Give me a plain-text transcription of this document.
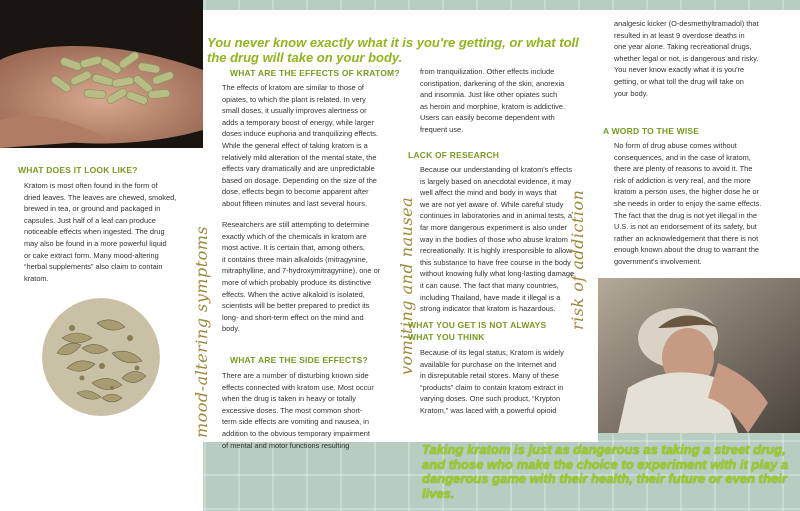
You never know exactly what it is you're getting, or what toll the drug will take on your body.
WHAT ARE THE EFFECTS OF KRATOM?

The effects of kratom are similar to those of
opiates, to which the plant is related. In very
small doses, it usually improves alertness or
adds a temporary boost of energy, while larger
doses induce euphoria and tranquilizing effects.
While the general effect of taking kratom is a
relatively mild alteration of the mental state, the
effects vary dramatically and are unpredictable
based on dosage. Depending on the size of the
dose, effects begin to become apparent after
about fifteen minutes and last several hours.

Researchers are still attempting to determine
exactly which of the chemicals in kratom are
most active. It is certain that, among others,
it contains three main alkaloids (mitragynine,
mitraphylline, and 7-hydroxymitragynine), one or
more of which probably produce its distinctive
effects. When the active alkaloid is isolated,
scientists will be better prepared to predict its
long- and short-term effect on the mind and
body.

WHAT ARE THE SIDE EFFECTS?

There are a number of disturbing known side
effects connected with kratom use. Most occur
when the drug is taken in heavy or totally
excessive doses. The most common short-
term side effects are vomiting and nausea, in
addition to the obvious temporary impairment
of mental and motor functions resulting

WHAT DOES IT LOOK LIKE?

Kratom is most often found in the form of
dried leaves. The leaves are chewed, smoked,
brewed in tea, or ground and packaged in
capsules. Just half of a leaf can produce
noticeable effects when ingested. The drug
may also be found in a more powerful liquid
or cake extract form. Many mood-altering
“herbal supplements” also claim to contain
kratom.	mood-altering symptoms	vomiting and nausea	risk of addiction

from tranquilization. Other effects include
constipation, darkening of the skin, anorexia
and insomnia. Just like other opiates such
as heroin and morphine, kratom is addictive.
Users can easily become dependent with
frequent use.

LACK OF RESEARCH

Because our understanding of kratom's effects
is largely based on anecdotal evidence, it may
well affect the mind and body in ways that
we are not yet aware of. While careful study
continues in laboratories and in animal tests, a
far more dangerous experiment is also under
way in the bodies of those who abuse kratom
recreationally. It is highly irresponsible to allow
this substance to have free course in the body
without knowing fully what long-lasting damage
it can cause. The fact that many countries,
including Thailand, have made it illegal is a
strong indicator that kratom is hazardous.

WHAT YOU GET IS NOT ALWAYS
WHAT YOU THINK

Because of its legal status, Kratom is widely
available for purchase on the Internet and
in disreputable retail stores. Many of these
“products” claim to contain kratom extract in
varying doses. One such product, “Krypton
Kratom,” was laced with a powerful opioid

analgesic kicker (O-desmethyltramadol) that
resulted in at least 9 overdose deaths in
one year alone. Taking recreational drugs,
whether legal or not, is dangerous and risky.
You never know exactly what it is you're
getting, or what toll the drug will take on
your body.

A WORD TO THE WISE

No form of drug abuse comes without
consequences, and in the case of kratom,
there are plenty of reasons to avoid it. The
risk of addiction is very real, and the more
kratom a person uses, the higher dose he or
she needs in order to enjoy the same effects.
The fact that the drug is not yet illegal in the
U.S. is not an endorsement of its safety, but
rather an acknowledgement that there is not
enough known about the drug to warrant the
government's involvement.

Taking kratom is just as dangerous as taking a street drug, and those who make the choice to experiment with it play a dangerous game with their health, their future or even their lives.
